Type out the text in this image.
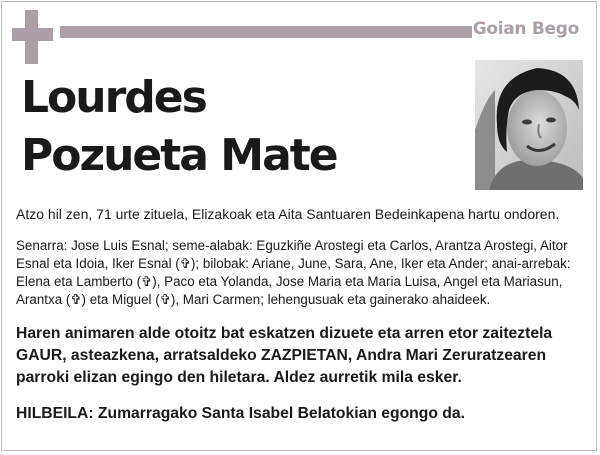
Goian Bego
Lourdes
Pozueta Mate
Atzo hil zen, 71 urte zituela, Elizakoak eta Aita Santuaren Bedeinkapena hartu ondoren.
Senarra: Jose Luis Esnal; seme-alabak: Eguzkiñe Arostegi eta Carlos, Arantza Arostegi, Aitor
Esnal eta Idoia, Iker Esnal (✞); bilobak: Ariane, June, Sara, Ane, Iker eta Ander; anai-arrebak:
Elena eta Lamberto (✞), Paco eta Yolanda, Jose Maria eta Maria Luisa, Angel eta Mariasun,
Arantxa (✞) eta Miguel (✞), Mari Carmen; lehengusuak eta gainerako ahaideek.
Haren animaren alde otoitz bat eskatzen dizuete eta arren etor zaiteztela
GAUR, asteazkena, arratsaldeko ZAZPIETAN, Andra Mari Zeruratzearen
parroki elizan egingo den hiletara. Aldez aurretik mila esker.
HILBEILA: Zumarragako Santa Isabel Belatokian egongo da.
